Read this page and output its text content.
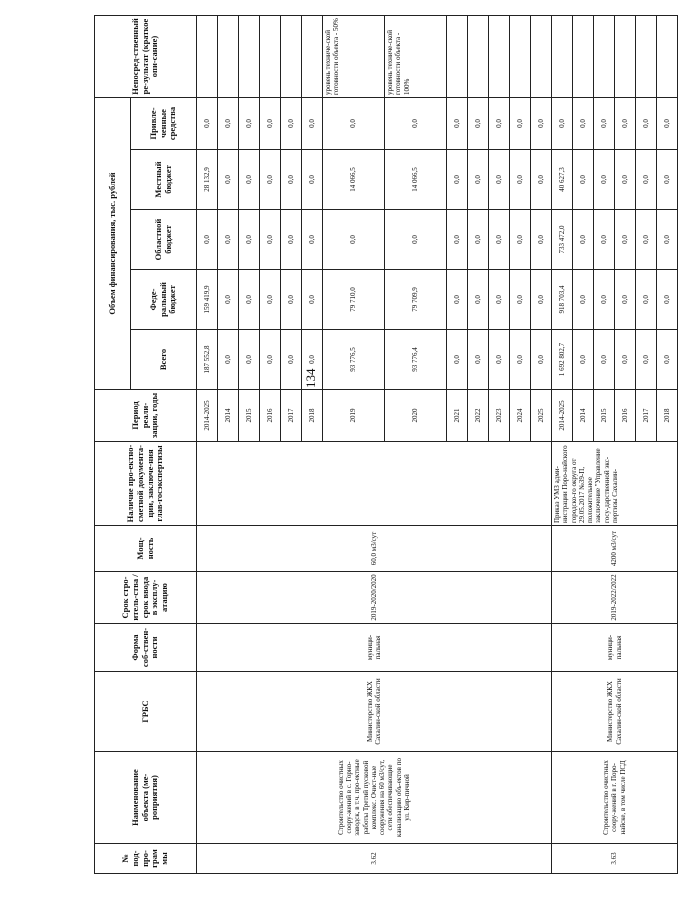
134
№ под-про-грам мы	Наименование объекта (ме-роприятия)	ГРБС	Форма соб-ствен-ности	Срок стро-итель-ства / срок ввода в эксплу-атацию	Мощ-ность	Наличие про-ектно-сметной документа-ции, заключе-ния глав-госэкспертизы	Период реали-зации, годы	Объем финансирования, тыс. рублей					Непосред-ственный ре-зультат (краткое опи-сание)
								Всего	Феде-ральный бюджет	Областной бюджет	Местный бюджет	Привле-ченные средства	
3.62	Строительство очистных соору-жений в с. Горно-заводск, в т.ч. про-ектные работы Третий пусковой комплекс. Очист-ные сооружения на 60 м3/сут, сети обеспечивающие канализацию объ-ектов по ул. Кир-пичной	Министерство ЖКХ Сахалин-ской области	муници-пальная	2019-2020/2020	60,0 м3/сут		2014-2025	187 552,8	159 419,9	0,0	28 132,9	0,0	
							2014	0,0	0,0	0,0	0,0	0,0	
							2015	0,0	0,0	0,0	0,0	0,0	
							2016	0,0	0,0	0,0	0,0	0,0	
							2017	0,0	0,0	0,0	0,0	0,0	
							2018	0,0	0,0	0,0	0,0	0,0	
							2019	93 776,5	79 710,0	0,0	14 066,5	0,0	уровень техниче-ской готовности объекта - 50%
							2020	93 776,4	79 709,9	0,0	14 066,5	0,0	уровень техниче-ской готовности объекта - 100%
							2021	0,0	0,0	0,0	0,0	0,0	
							2022	0,0	0,0	0,0	0,0	0,0	
							2023	0,0	0,0	0,0	0,0	0,0	
							2024	0,0	0,0	0,0	0,0	0,0	
							2025	0,0	0,0	0,0	0,0	0,0	
3.63	Строительство очистных соору-жений в г. Порo-найске, в том числе ПСД	Министерство ЖКХ Сахалин-ской области	муници-пальная	2019-2022/2022	4200 м3/сут	Приказ УМЗ адми-нистрации Поро-найского городско-го округа от 29.05.2017 №39-П, положительное заключение "Управление госу-дарственной экс-пертизы Сахалин-	2014-2025	1 692 802,7	918 703,4	733 472,0	40 627,3	0,0	
							2014	0,0	0,0	0,0	0,0	0,0	
							2015	0,0	0,0	0,0	0,0	0,0	
							2016	0,0	0,0	0,0	0,0	0,0	
							2017	0,0	0,0	0,0	0,0	0,0	
							2018	0,0	0,0	0,0	0,0	0,0	
